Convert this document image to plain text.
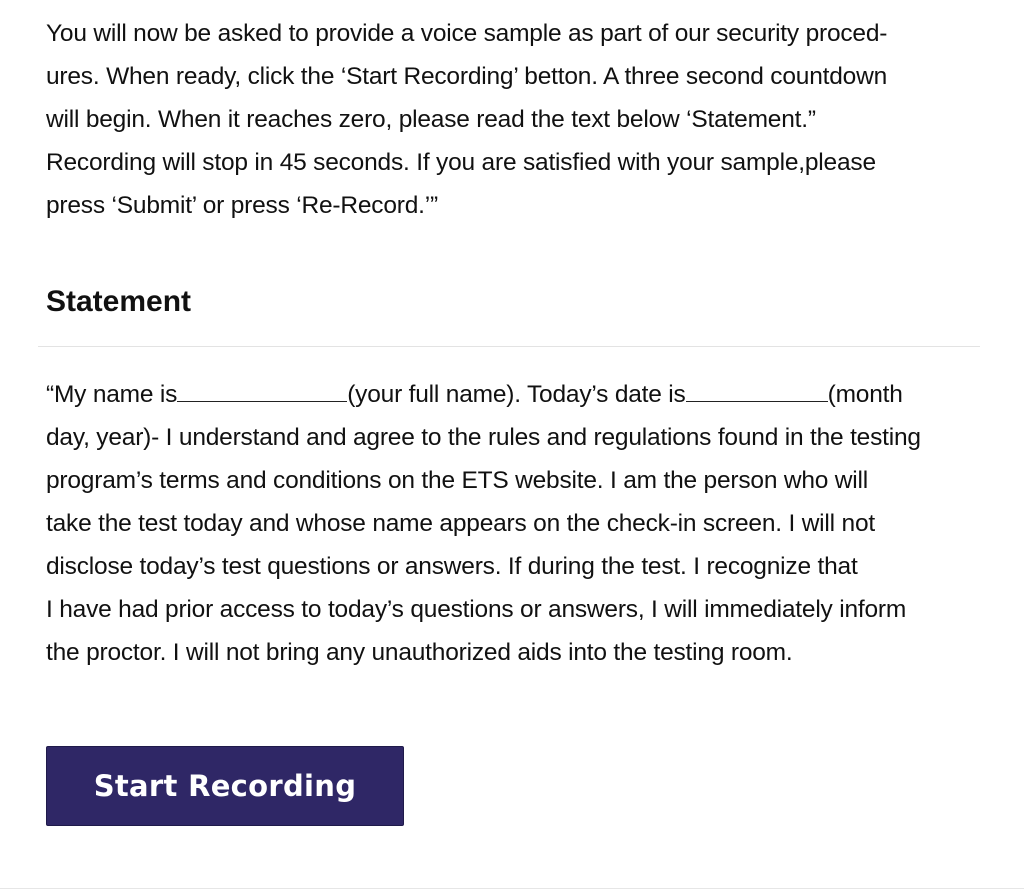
You will now be asked to provide a voice sample as part of our security proced-
ures. When ready, click the ‘Start Recording’ betton. A three second countdown
will begin. When it reaches zero, please read the text below ‘Statement.”
Recording will stop in 45 seconds. If you are satisfied with your sample,please
press ‘Submit’ or press ‘Re-Record.’”

Statement
“My name is	(your full name). Today’s date is	(month
day, year)- I understand and agree to the rules and regulations found in the testing
program’s terms and conditions on the ETS website. I am the person who will
take the test today and whose name appears on the check-in screen. I will not
disclose today’s test questions or answers. If during the test. I recognize that
I have had prior access to today’s questions or answers, I will immediately inform
the proctor. I will not bring any unauthorized aids into the testing room.
Start Recording
